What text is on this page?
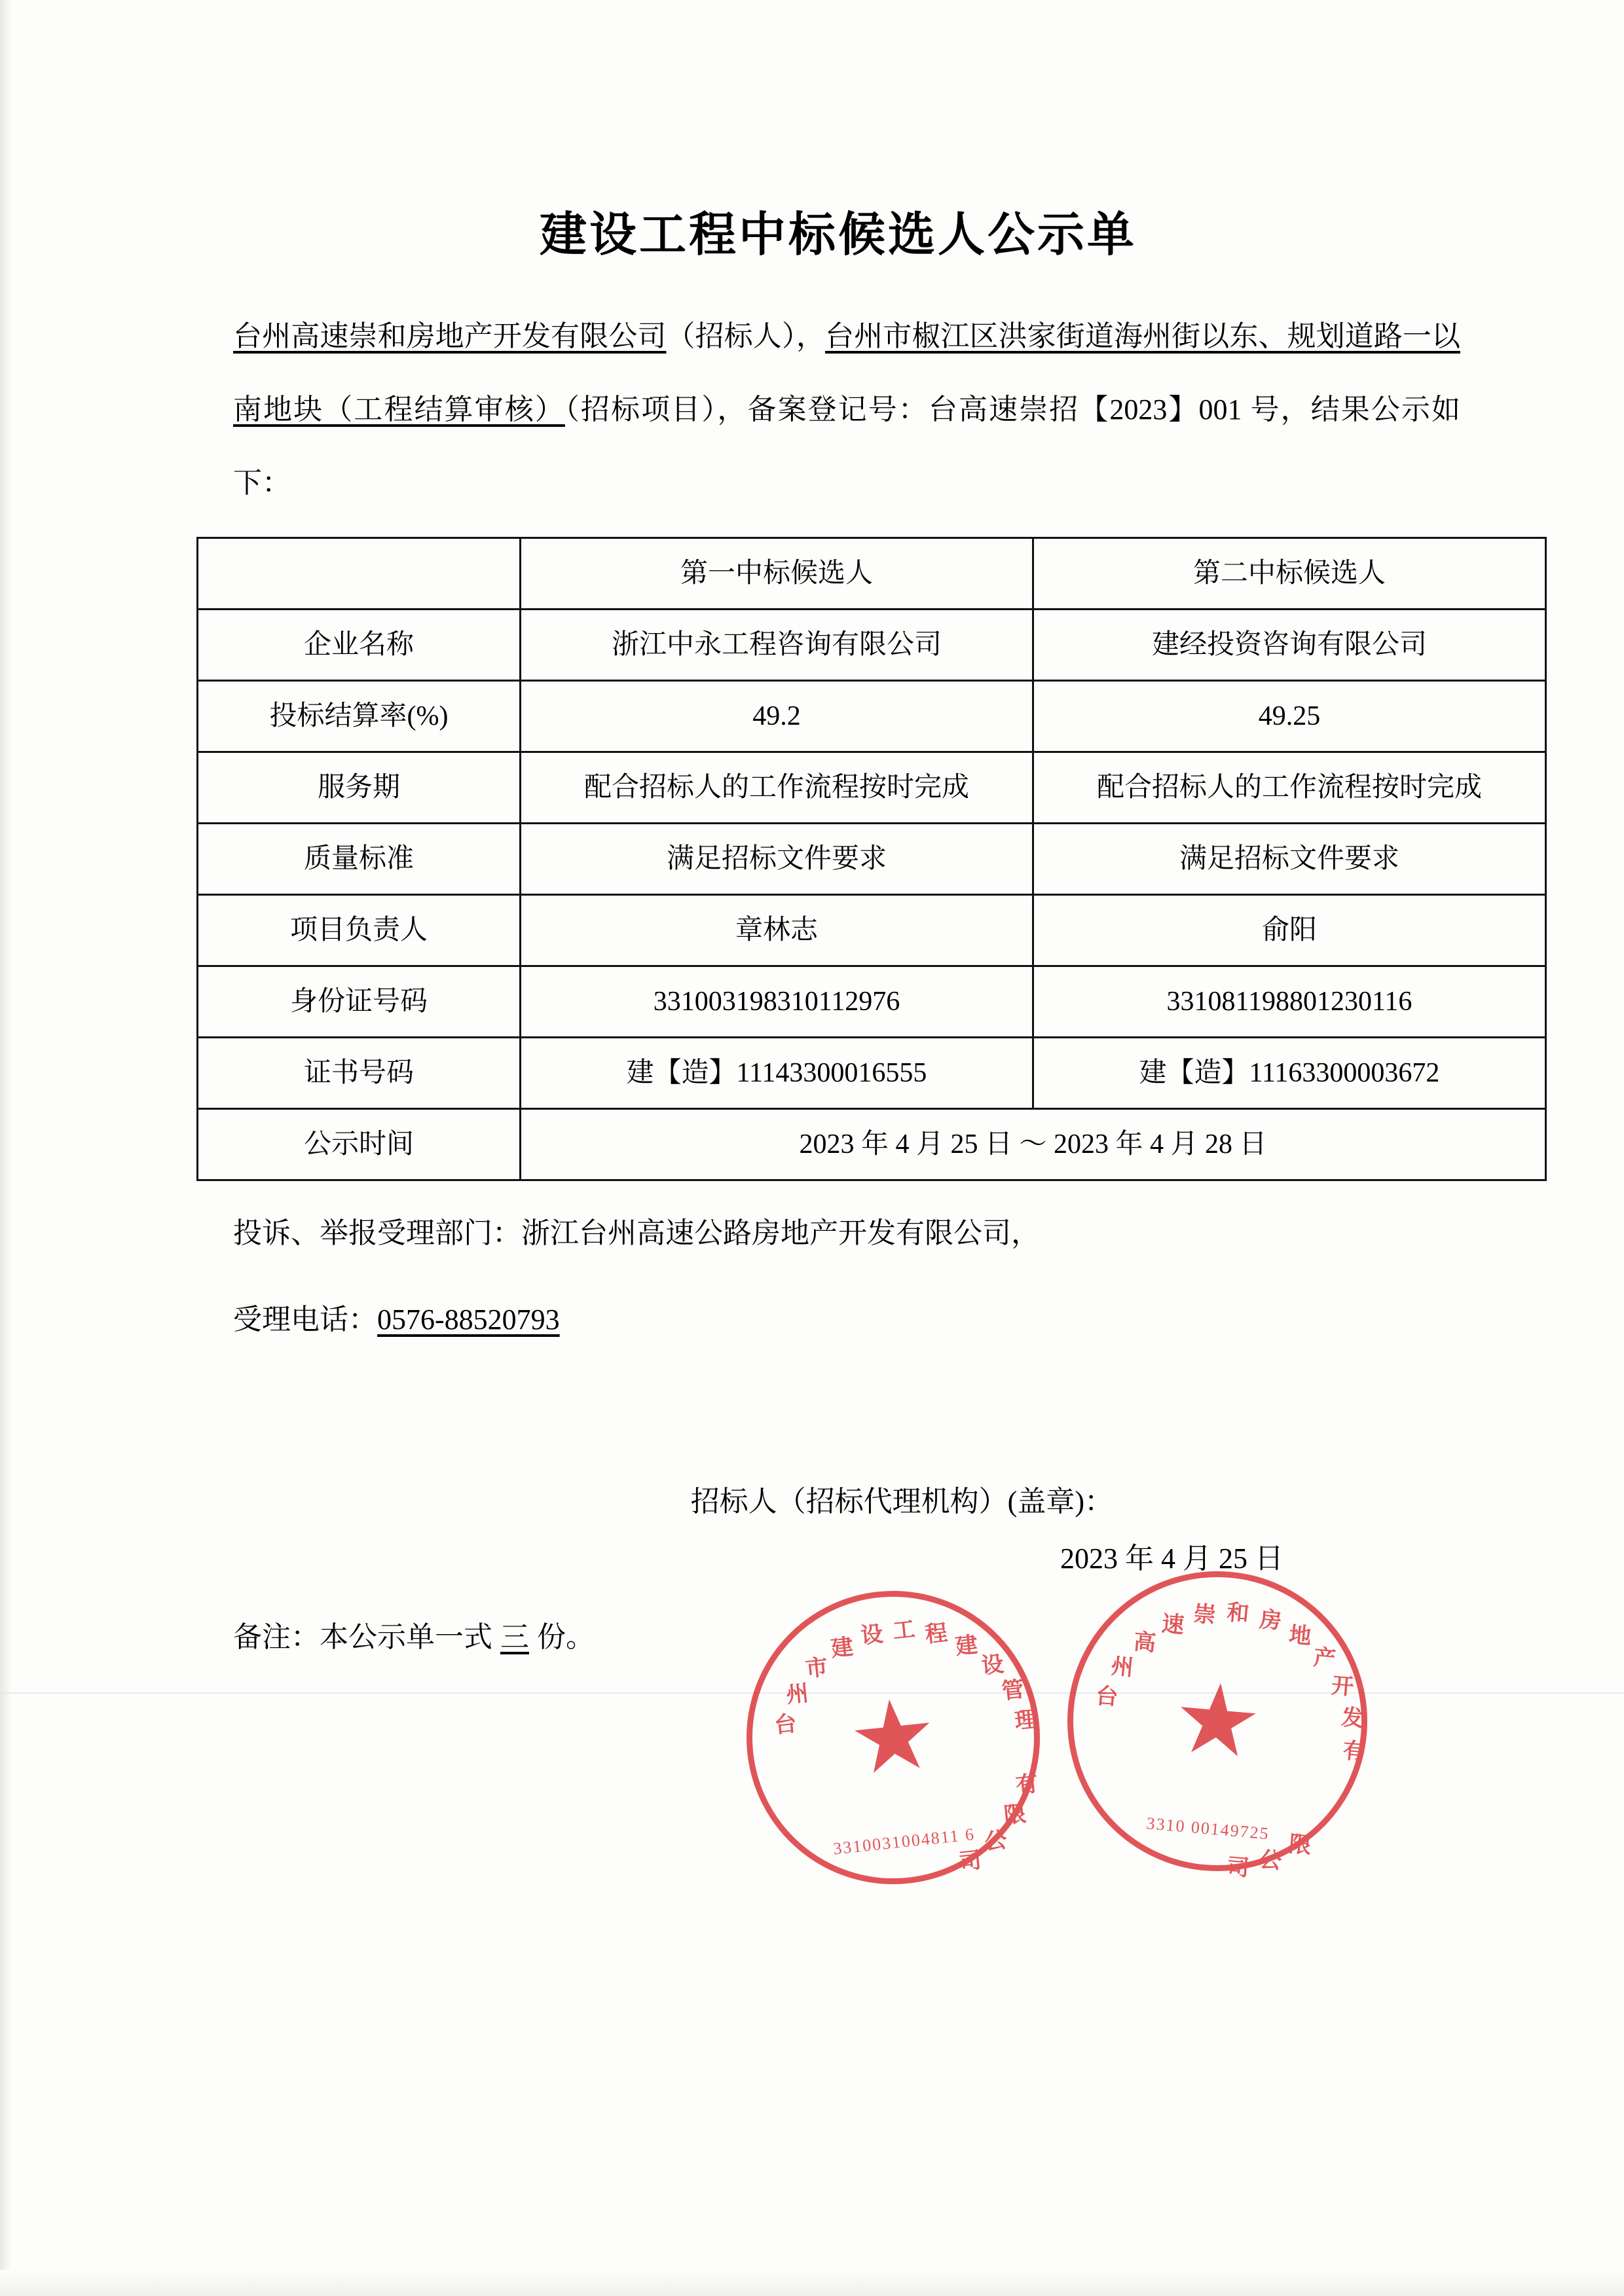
建设工程中标候选人公示单

台州高速崇和房地产开发有限公司（招标人），台州市椒江区洪家街道海州街以东、规划道路一以南地块（工程结算审核）（招标项目），备案登记号：台高速崇招【2023】001 号，结果公示如下：

	第一中标候选人	第二中标候选人
企业名称	浙江中永工程咨询有限公司	建经投资咨询有限公司
投标结算率(%)	49.2	49.25
服务期	配合招标人的工作流程按时完成	配合招标人的工作流程按时完成
质量标准	满足招标文件要求	满足招标文件要求
项目负责人	章林志	俞阳
身份证号码	331003198310112976	331081198801230116
证书号码	建【造】11143300016555	建【造】11163300003672
公示时间	2023 年 4 月 25 日 ～ 2023 年 4 月 28 日	
投诉、举报受理部门：浙江台州高速公路房地产开发有限公司，
受理电话：0576-88520793
招标人（招标代理机构）(盖章)：
2023 年 4 月 25 日
备注：本公示单一式 三 份。
台
州
市
建 设 工 程 建
设
管
理
有
限
公
司
★
3310031004811 6
台
州
高
速 崇 和 房
地
产
开
发
有
限
公
司
★
3310 00149725
